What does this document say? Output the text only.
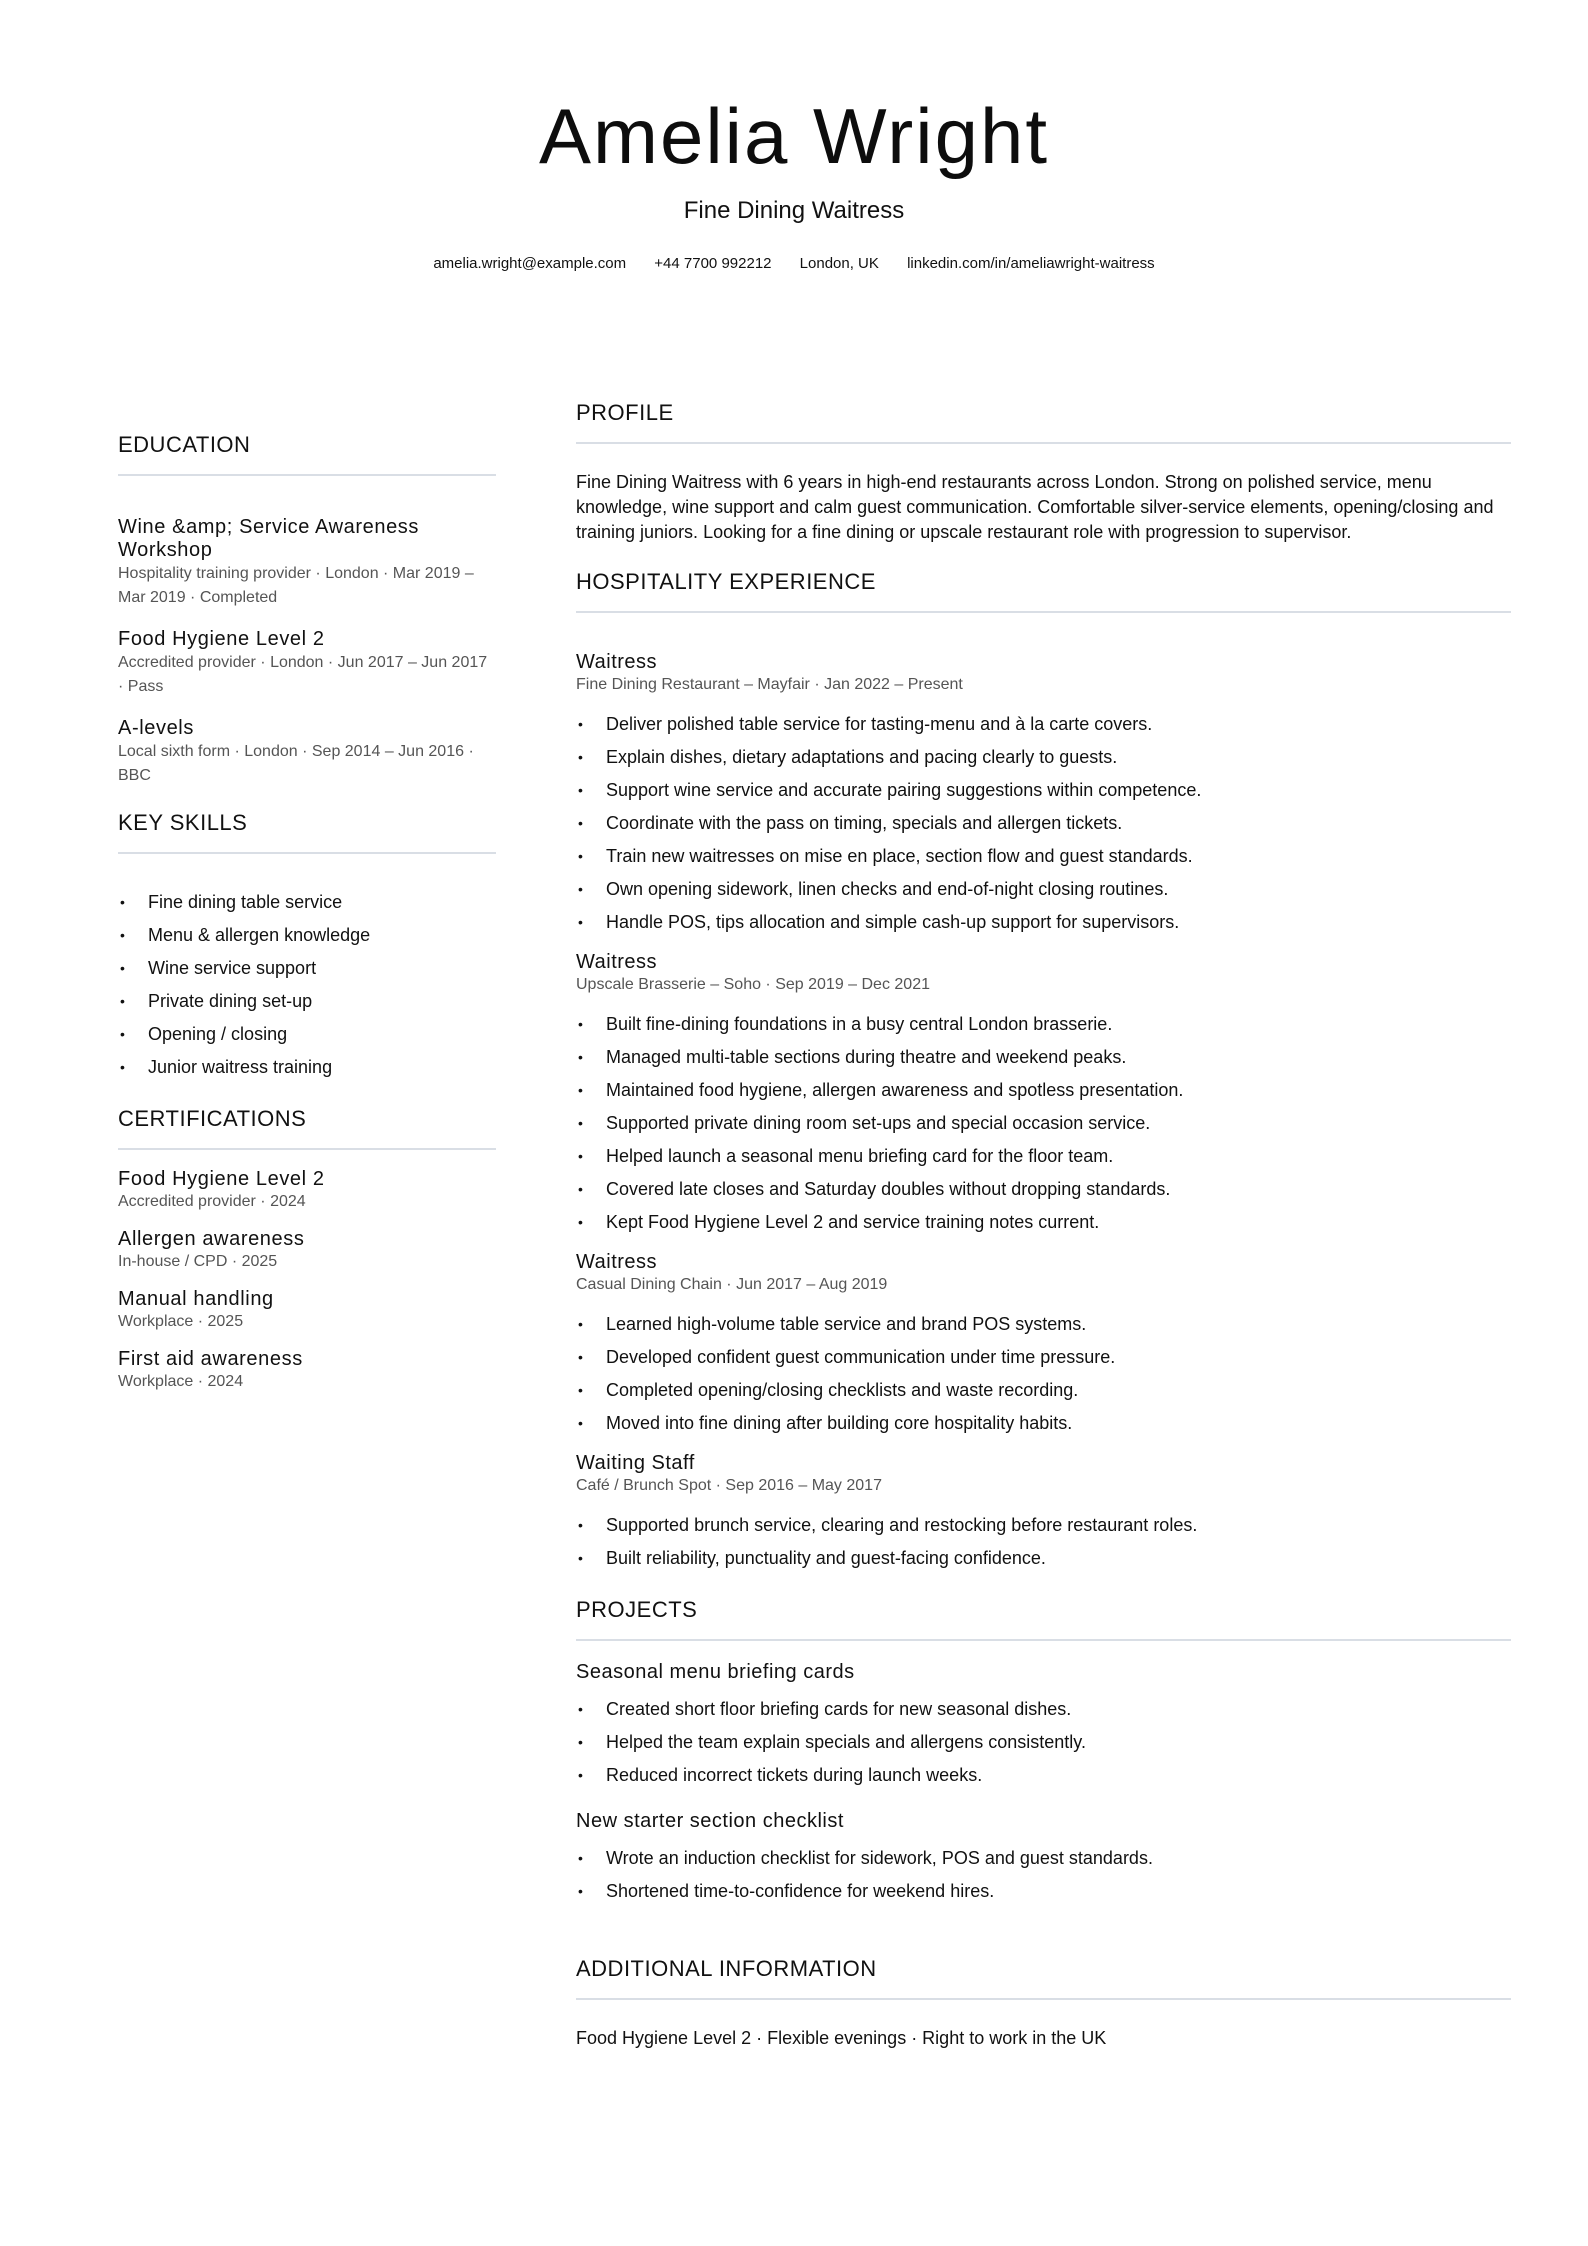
Amelia Wright
Fine Dining Waitress
amelia.wright@example.com +44 7700 992212 London, UK linkedin.com/in/ameliawright-waitress
EDUCATION
Wine &amp; Service Awareness Workshop
Hospitality training provider · London · Mar 2019 – Mar 2019 · Completed
Food Hygiene Level 2
Accredited provider · London · Jun 2017 – Jun 2017 · Pass
A-levels
Local sixth form · London · Sep 2014 – Jun 2016 · BBC
KEY SKILLS
• Fine dining table service
• Menu & allergen knowledge
• Wine service support
• Private dining set-up
• Opening / closing
• Junior waitress training
CERTIFICATIONS
Food Hygiene Level 2
Accredited provider · 2024
Allergen awareness
In-house / CPD · 2025
Manual handling
Workplace · 2025
First aid awareness
Workplace · 2024
PROFILE

Fine Dining Waitress with 6 years in high-end restaurants across London. Strong on polished service, menu knowledge, wine support and calm guest communication. Comfortable silver-service elements, opening/closing and training juniors. Looking for a fine dining or upscale restaurant role with progression to supervisor.

HOSPITALITY EXPERIENCE
Waitress
Fine Dining Restaurant – Mayfair · Jan 2022 – Present
• Deliver polished table service for tasting-menu and à la carte covers.
• Explain dishes, dietary adaptations and pacing clearly to guests.
• Support wine service and accurate pairing suggestions within competence.
• Coordinate with the pass on timing, specials and allergen tickets.
• Train new waitresses on mise en place, section flow and guest standards.
• Own opening sidework, linen checks and end-of-night closing routines.
• Handle POS, tips allocation and simple cash-up support for supervisors.
Waitress
Upscale Brasserie – Soho · Sep 2019 – Dec 2021
• Built fine-dining foundations in a busy central London brasserie.
• Managed multi-table sections during theatre and weekend peaks.
• Maintained food hygiene, allergen awareness and spotless presentation.
• Supported private dining room set-ups and special occasion service.
• Helped launch a seasonal menu briefing card for the floor team.
• Covered late closes and Saturday doubles without dropping standards.
• Kept Food Hygiene Level 2 and service training notes current.
Waitress
Casual Dining Chain · Jun 2017 – Aug 2019
• Learned high-volume table service and brand POS systems.
• Developed confident guest communication under time pressure.
• Completed opening/closing checklists and waste recording.
• Moved into fine dining after building core hospitality habits.
Waiting Staff
Café / Brunch Spot · Sep 2016 – May 2017
• Supported brunch service, clearing and restocking before restaurant roles.
• Built reliability, punctuality and guest-facing confidence.
PROJECTS
Seasonal menu briefing cards
• Created short floor briefing cards for new seasonal dishes.
• Helped the team explain specials and allergens consistently.
• Reduced incorrect tickets during launch weeks.
New starter section checklist
• Wrote an induction checklist for sidework, POS and guest standards.
• Shortened time-to-confidence for weekend hires.
ADDITIONAL INFORMATION
Food Hygiene Level 2 · Flexible evenings · Right to work in the UK
